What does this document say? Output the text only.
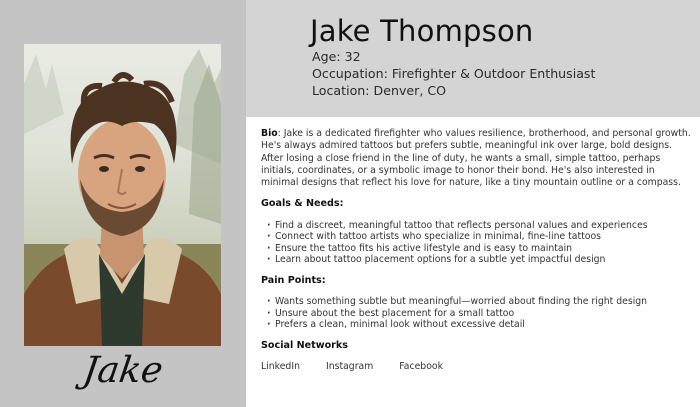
Jake
Jake Thompson
Age: 32
Occupation: Firefighter & Outdoor Enthusiast
Location: Denver, CO
Bio: Jake is a dedicated firefighter who values resilience, brotherhood, and personal growth. He's always admired tattoos but prefers subtle, meaningful ink over large, bold designs. After losing a close friend in the line of duty, he wants a small, simple tattoo, perhaps initials, coordinates, or a symbolic image to honor their bond. He's also interested in minimal designs that reflect his love for nature, like a tiny mountain outline or a compass.
Goals & Needs:
· Find a discreet, meaningful tattoo that reflects personal values and experiences
· Connect with tattoo artists who specialize in minimal, fine-line tattoos
· Ensure the tattoo fits his active lifestyle and is easy to maintain
· Learn about tattoo placement options for a subtle yet impactful design
Pain Points:
· Wants something subtle but meaningful—worried about finding the right design
· Unsure about the best placement for a small tattoo
· Prefers a clean, minimal look without excessive detail
Social Networks
LinkedIn	Instagram	Facebook
